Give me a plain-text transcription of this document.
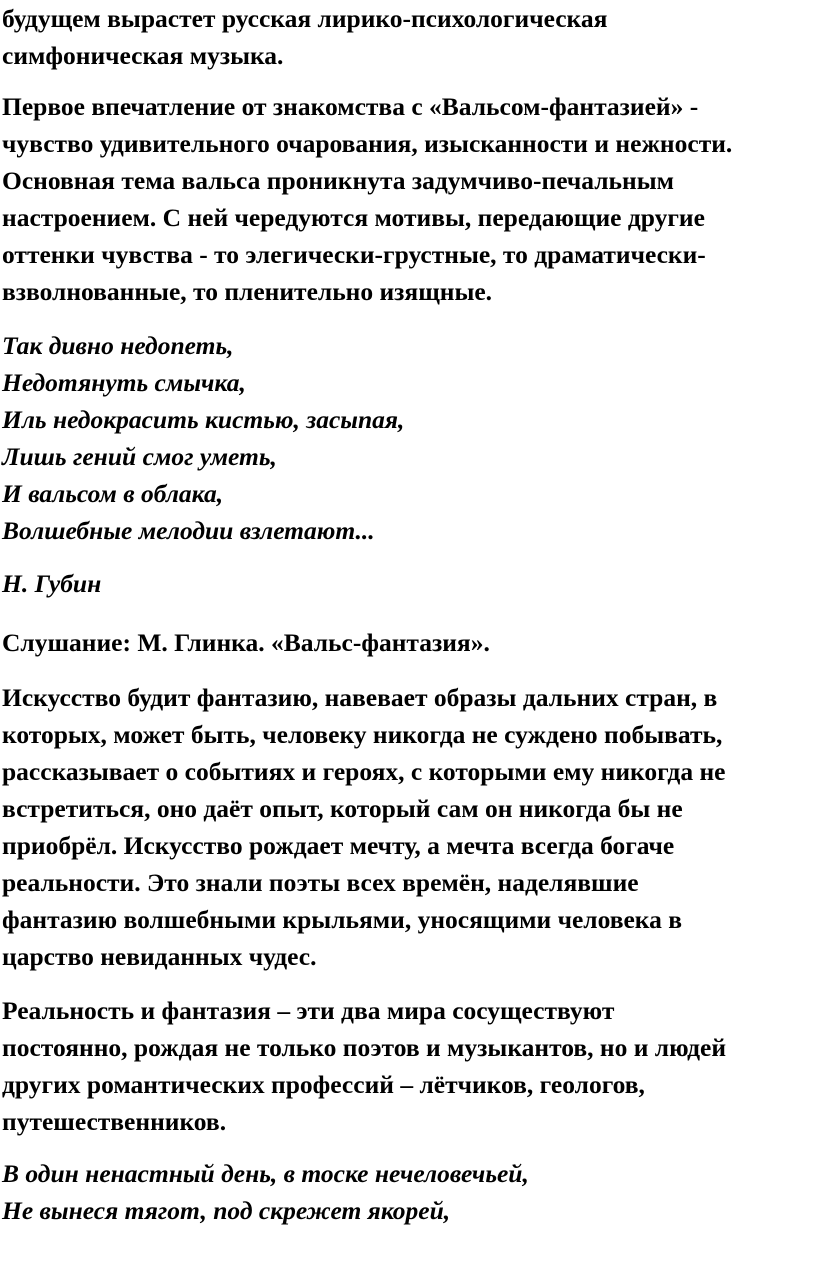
будущем вырастет русская лирико-психологическая
симфоническая музыка.

Первое впечатление от знакомства с «Вальсом-фантазией» -
чувство удивительного очарования, изысканности и нежности.
Основная тема вальса проникнута задумчиво-печальным
настроением. С ней чередуются мотивы, передающие другие
оттенки чувства - то элегически-грустные, то драматически-
взволнованные, то пленительно изящные.

Так дивно недопеть,
Недотянуть смычка,
Иль недокрасить кистью, засыпая,
Лишь гений смог уметь,
И вальсом в облака,
Волшебные мелодии взлетают...

Н. Губин

Слушание: М. Глинка. «Вальс-фантазия».

Искусство будит фантазию, навевает образы дальних стран, в
которых, может быть, человеку никогда не суждено побывать,
рассказывает о событиях и героях, с которыми ему никогда не
встретиться, оно даёт опыт, который сам он никогда бы не
приобрёл. Искусство рождает мечту, а мечта всегда богаче
реальности. Это знали поэты всех времён, наделявшие
фантазию волшебными крыльями, уносящими человека в
царство невиданных чудес.

Реальность и фантазия – эти два мира сосуществуют
постоянно, рождая не только поэтов и музыкантов, но и людей
других романтических профессий – лётчиков, геологов,
путешественников.

В один ненастный день, в тоске нечеловечьей,
Не вынеся тягот, под скрежет якорей,
